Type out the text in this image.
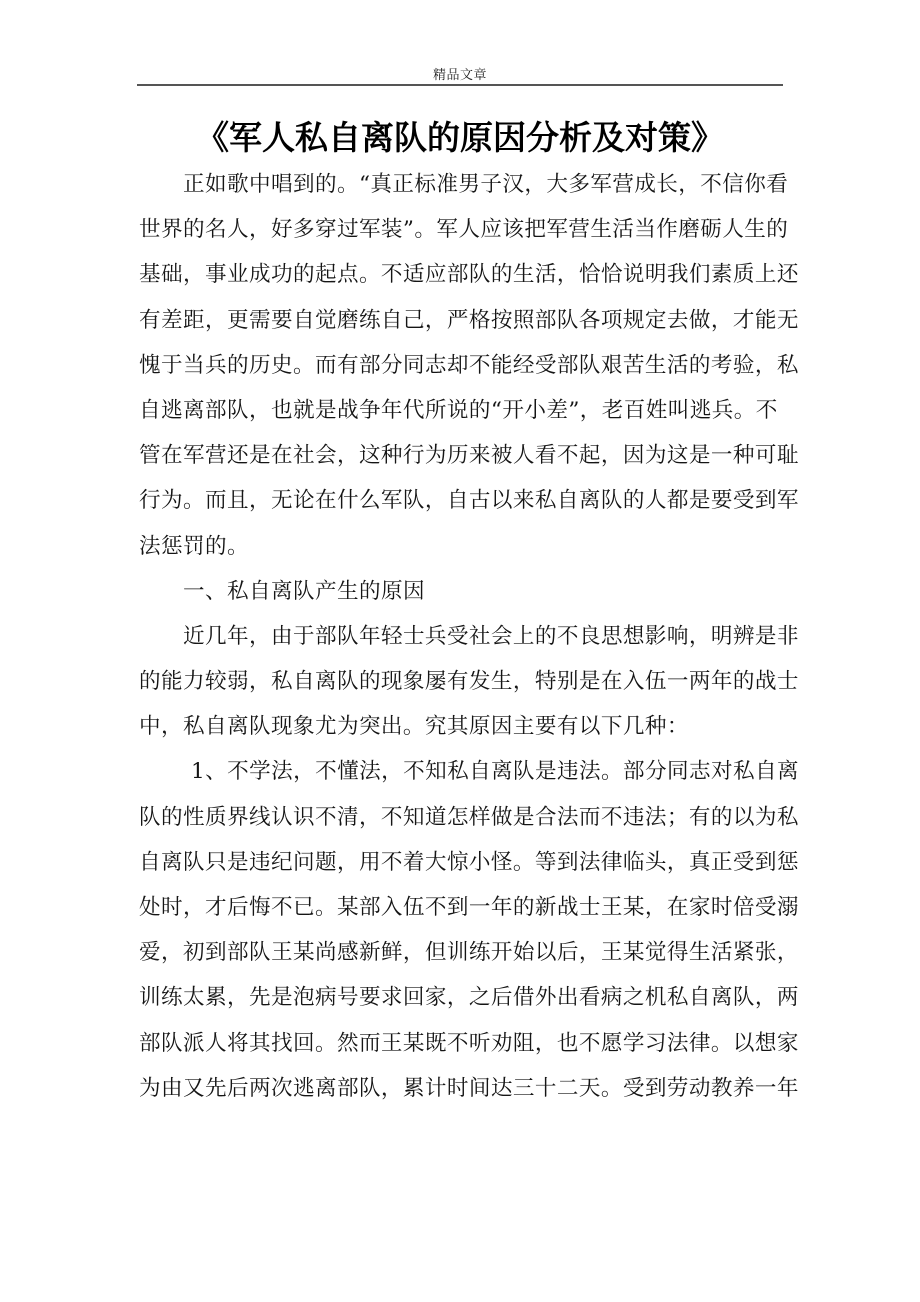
精品文章
《军人私自离队的原因分析及对策》
正如歌中唱到的。“真正标准男子汉，大多军营成长，不信你看
世界的名人，好多穿过军装”。军人应该把军营生活当作磨砺人生的
基础，事业成功的起点。不适应部队的生活，恰恰说明我们素质上还
有差距，更需要自觉磨练自己，严格按照部队各项规定去做，才能无
愧于当兵的历史。而有部分同志却不能经受部队艰苦生活的考验，私
自逃离部队，也就是战争年代所说的“开小差”，老百姓叫逃兵。不
管在军营还是在社会，这种行为历来被人看不起，因为这是一种可耻
行为。而且，无论在什么军队，自古以来私自离队的人都是要受到军
法惩罚的。
一、私自离队产生的原因
近几年，由于部队年轻士兵受社会上的不良思想影响，明辨是非
的能力较弱，私自离队的现象屡有发生，特别是在入伍一两年的战士
中，私自离队现象尤为突出。究其原因主要有以下几种：
1、不学法，不懂法，不知私自离队是违法。部分同志对私自离
队的性质界线认识不清，不知道怎样做是合法而不违法；有的以为私
自离队只是违纪问题，用不着大惊小怪。等到法律临头，真正受到惩
处时，才后悔不已。某部入伍不到一年的新战士王某，在家时倍受溺
爱，初到部队王某尚感新鲜，但训练开始以后，王某觉得生活紧张，
训练太累，先是泡病号要求回家，之后借外出看病之机私自离队，两
部队派人将其找回。然而王某既不听劝阻，也不愿学习法律。以想家
为由又先后两次逃离部队，累计时间达三十二天。受到劳动教养一年
